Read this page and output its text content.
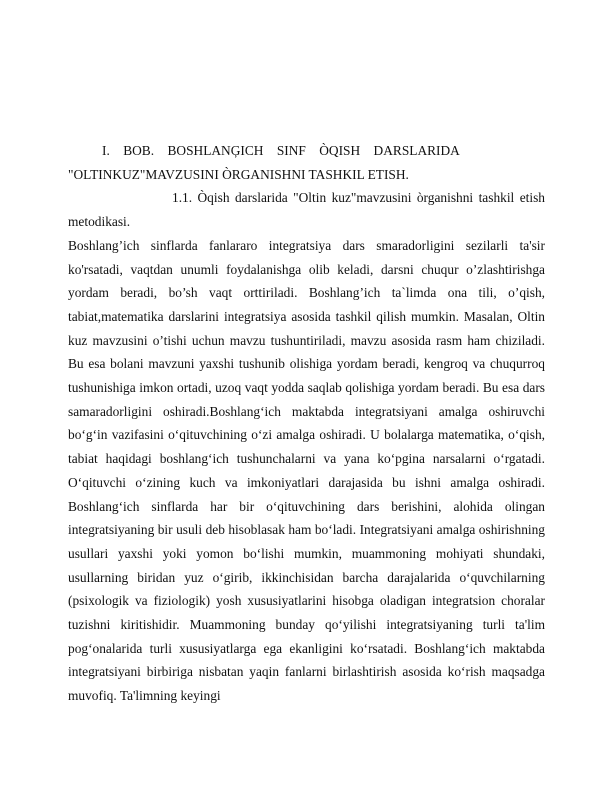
I. BOB. BOSHLANĢICH SINF ÒQISH DARSLARIDA "OLTINKUZ"MAVZUSINI ÒRGANISHNI TASHKIL ETISH.

1.1. Òqish darslarida "Oltin kuz"mavzusini òrganishni tashkil etish metodikasi.

Boshlang’ich sinflarda fanlararo integratsiya dars smaradorligini sezilarli ta'sir ko'rsatadi, vaqtdan unumli foydalanishga olib keladi, darsni chuqur o’zlashtirishga yordam beradi, bo’sh vaqt orttiriladi. Boshlang’ich ta`limda ona tili, o’qish, tabiat,matematika darslarini integratsiya asosida tashkil qilish mumkin. Masalan, Oltin kuz mavzusini o’tishi uchun mavzu tushuntiriladi, mavzu asosida rasm ham chiziladi. Bu esa bolani mavzuni yaxshi tushunib olishiga yordam beradi, kengroq va chuqurroq tushunishiga imkon ortadi, uzoq vaqt yodda saqlab qolishiga yordam beradi. Bu esa dars samaradorligini oshiradi.Boshlangʻich maktabda integratsiyani amalga oshiruvchi boʻgʻin vazifasini oʻqituvchining oʻzi amalga oshiradi. U bolalarga matematika, oʻqish, tabiat haqidagi boshlangʻich tushunchalarni va yana koʻpgina narsalarni oʻrgatadi. Oʻqituvchi oʻzining kuch va imkoniyatlari darajasida bu ishni amalga oshiradi. Boshlangʻich sinflarda har bir oʻqituvchining dars berishini, alohida olingan integratsiyaning bir usuli deb hisoblasak ham boʻladi. Integratsiyani amalga oshirishning usullari yaxshi yoki yomon boʻlishi mumkin, muammoning mohiyati shundaki, usullarning biridan yuz oʻgirib, ikkinchisidan barcha darajalarida oʻquvchilarning (psixologik va fiziologik) yosh xususiyatlarini hisobga oladigan integratsion choralar tuzishni kiritishidir. Muammoning bunday qoʻyilishi integratsiyaning turli ta'lim pogʻonalarida turli xususiyatlarga ega ekanligini koʻrsatadi. Boshlangʻich maktabda integratsiyani birbiriga nisbatan yaqin fanlarni birlashtirish asosida koʻrish maqsadga muvofiq. Ta'limning keyingi
